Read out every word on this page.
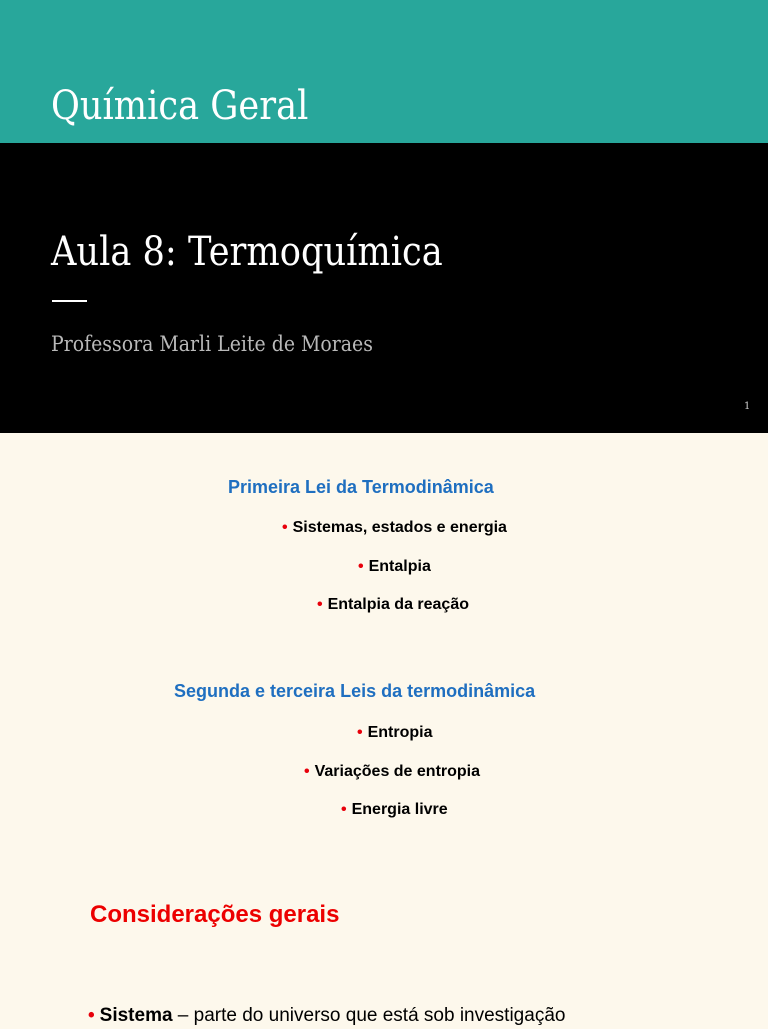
Química Geral
Aula 8: Termoquímica
Professora Marli Leite de Moraes
1
Primeira Lei da Termodinâmica
• Sistemas, estados e energia
• Entalpia
• Entalpia da reação
Segunda e terceira Leis da termodinâmica
• Entropia
• Variações de entropia
• Energia livre
Considerações gerais
• Sistema – parte do universo que está sob investigação
